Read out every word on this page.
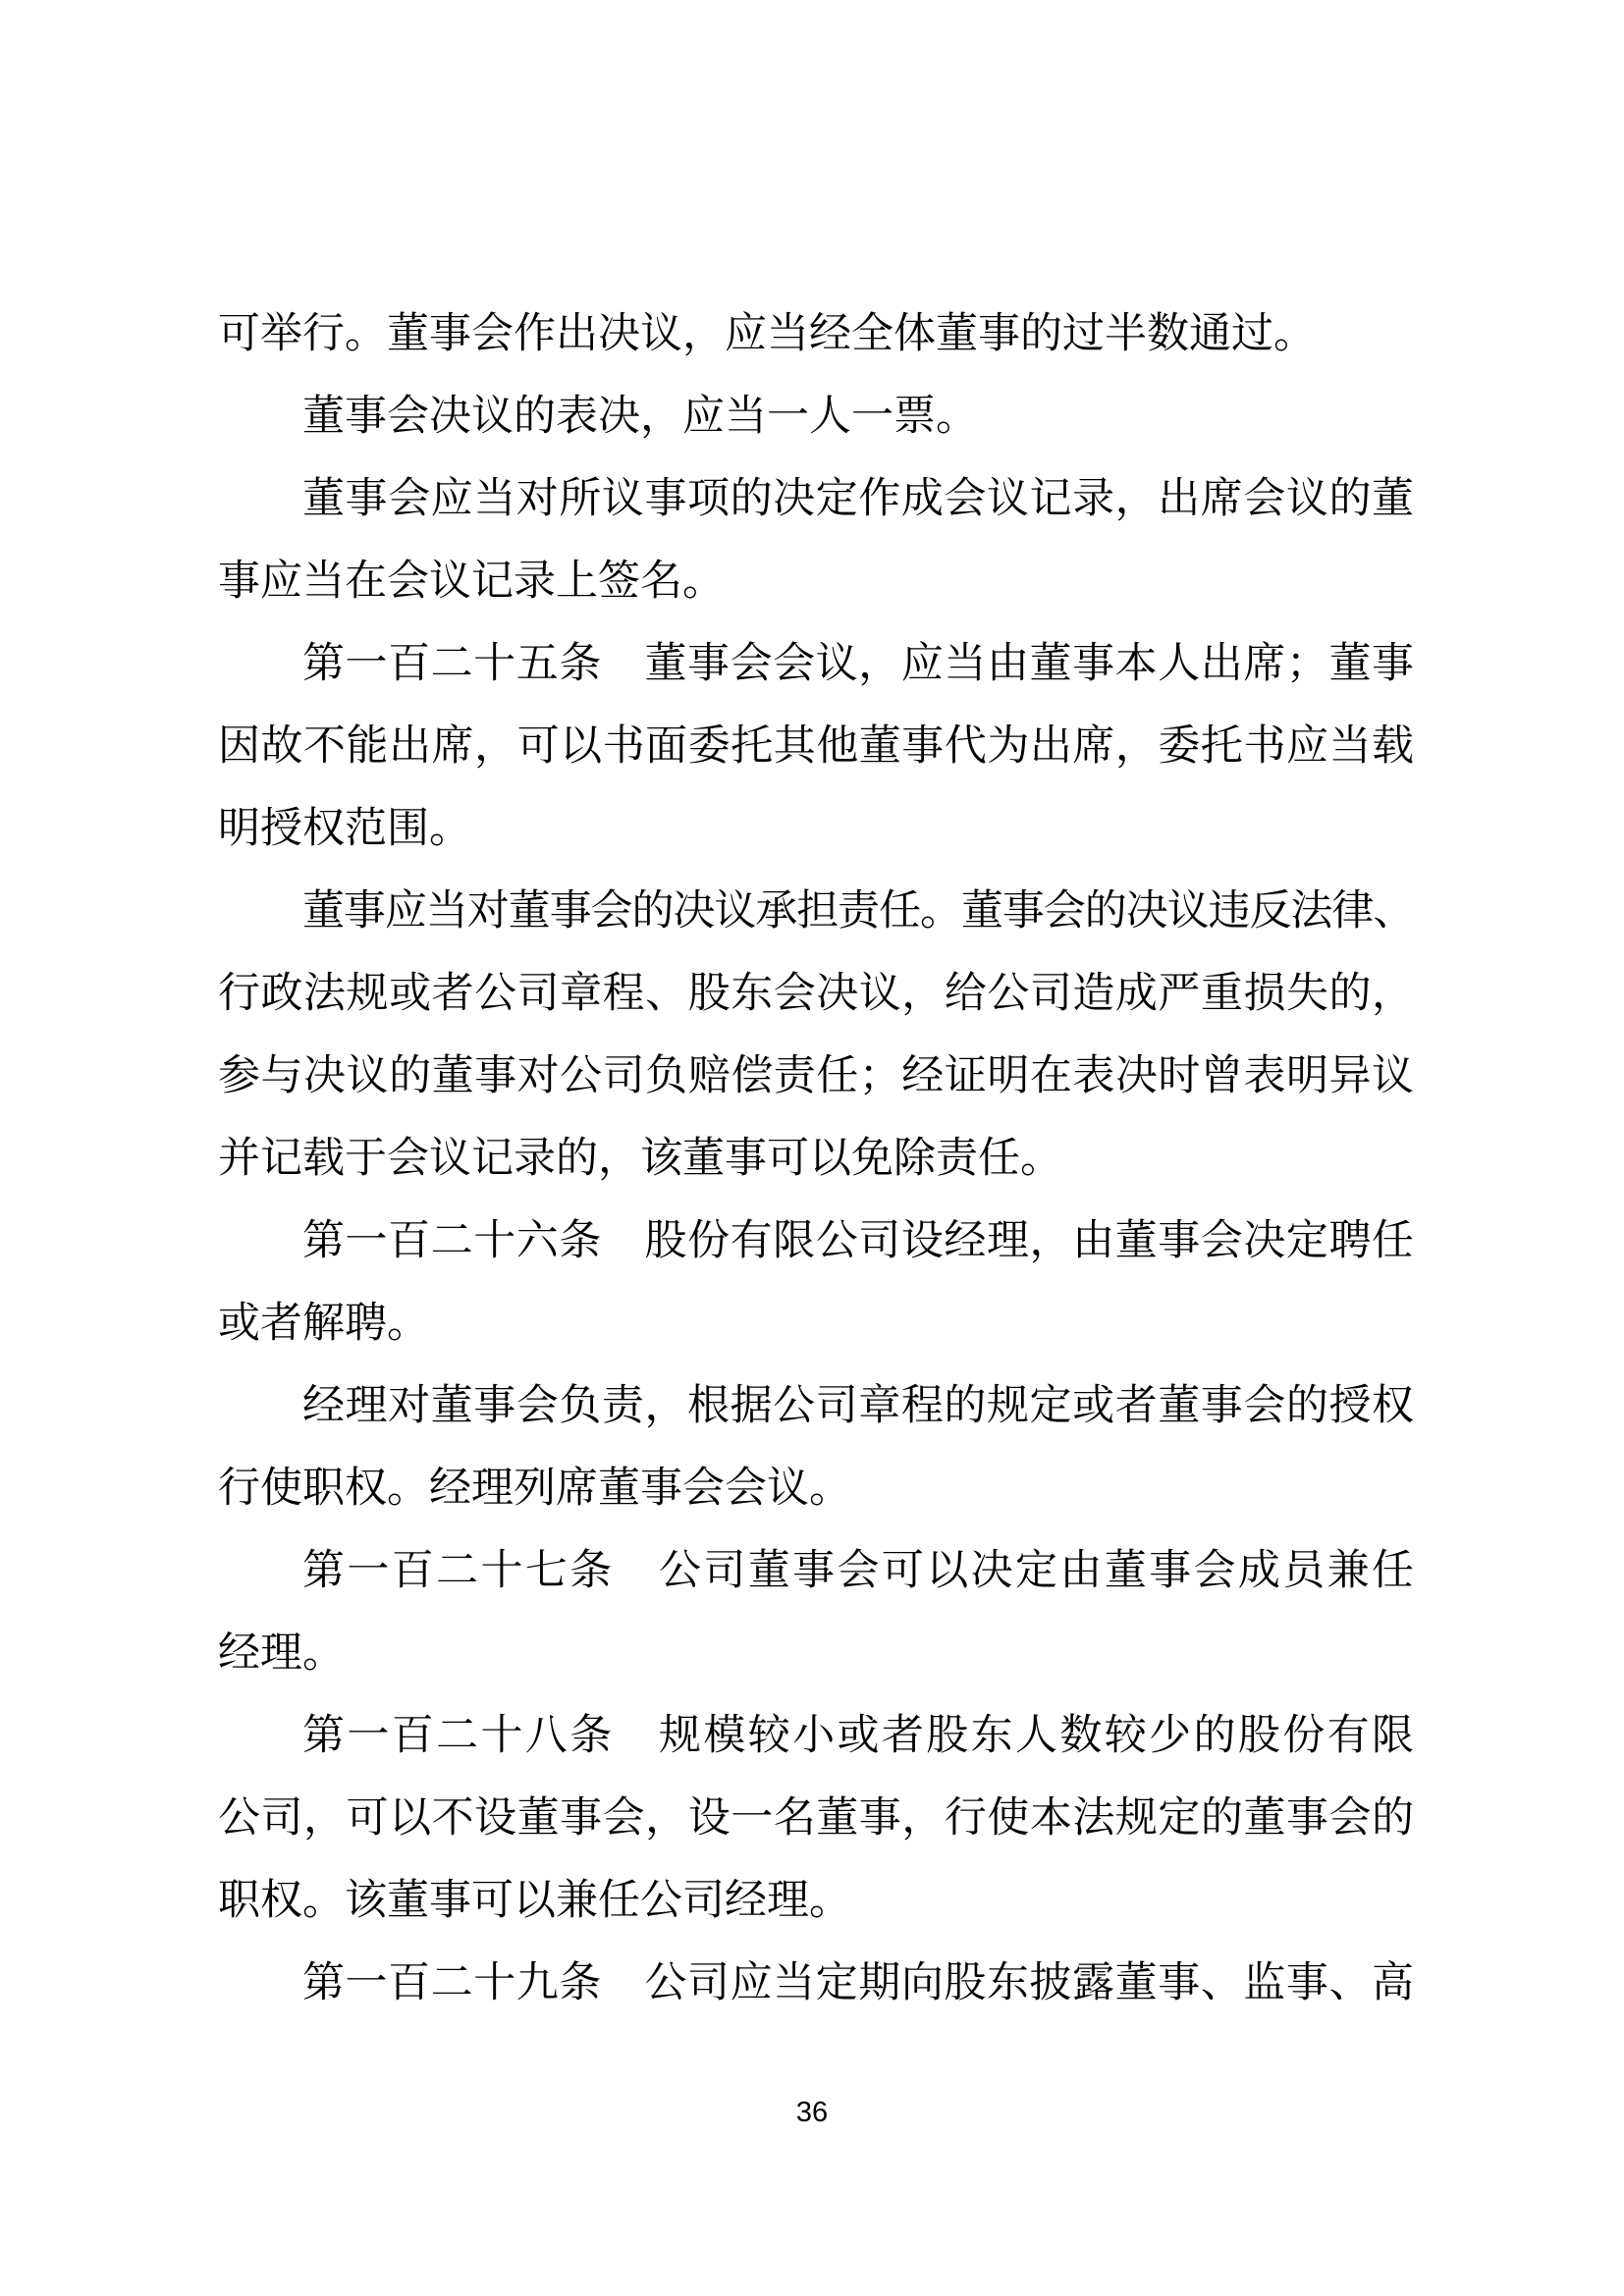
可举行。董事会作出决议，应当经全体董事的过半数通过。
董事会决议的表决，应当一人一票。
董事会应当对所议事项的决定作成会议记录，出席会议的董
事应当在会议记录上签名。
第一百二十五条　董事会会议，应当由董事本人出席；董事
因故不能出席，可以书面委托其他董事代为出席，委托书应当载
明授权范围。
董事应当对董事会的决议承担责任。董事会的决议违反法律、
行政法规或者公司章程、股东会决议，给公司造成严重损失的，
参与决议的董事对公司负赔偿责任；经证明在表决时曾表明异议
并记载于会议记录的，该董事可以免除责任。
第一百二十六条　股份有限公司设经理，由董事会决定聘任
或者解聘。
经理对董事会负责，根据公司章程的规定或者董事会的授权
行使职权。经理列席董事会会议。
第一百二十七条　公司董事会可以决定由董事会成员兼任
经理。
第一百二十八条　规模较小或者股东人数较少的股份有限
公司，可以不设董事会，设一名董事，行使本法规定的董事会的
职权。该董事可以兼任公司经理。
第一百二十九条　公司应当定期向股东披露董事、监事、高
36
